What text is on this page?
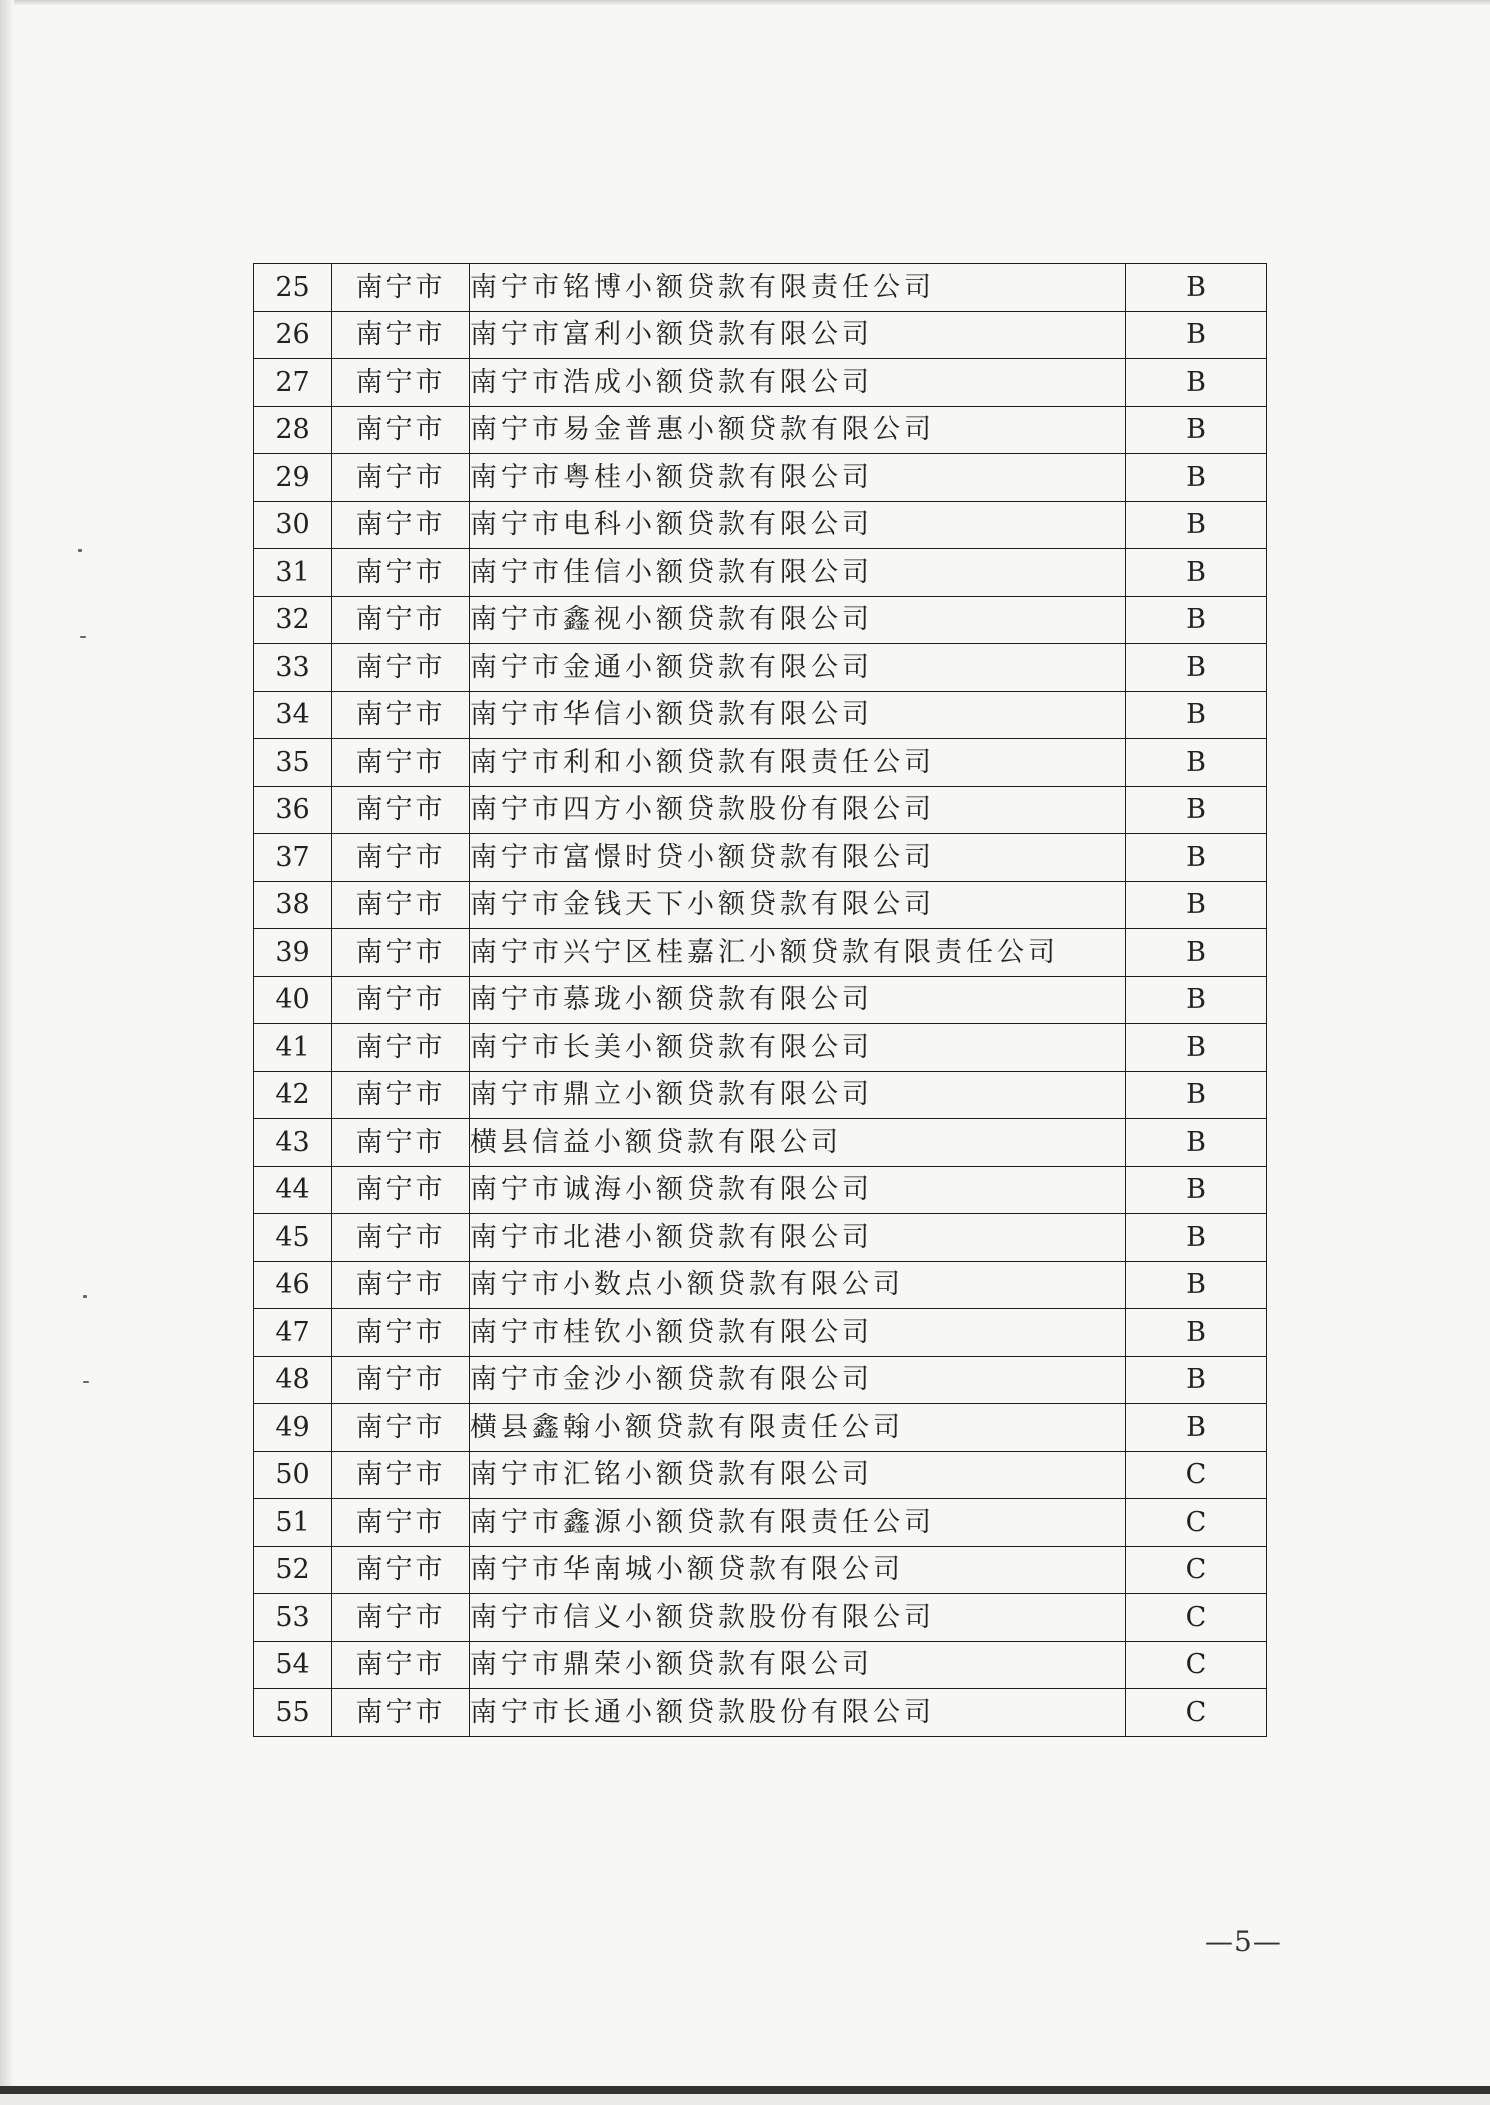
25	南宁市	南宁市铭博小额贷款有限责任公司	B
26	南宁市	南宁市富利小额贷款有限公司	B
27	南宁市	南宁市浩成小额贷款有限公司	B
28	南宁市	南宁市易金普惠小额贷款有限公司	B
29	南宁市	南宁市粤桂小额贷款有限公司	B
30	南宁市	南宁市电科小额贷款有限公司	B
31	南宁市	南宁市佳信小额贷款有限公司	B
32	南宁市	南宁市鑫视小额贷款有限公司	B
33	南宁市	南宁市金通小额贷款有限公司	B
34	南宁市	南宁市华信小额贷款有限公司	B
35	南宁市	南宁市利和小额贷款有限责任公司	B
36	南宁市	南宁市四方小额贷款股份有限公司	B
37	南宁市	南宁市富憬时贷小额贷款有限公司	B
38	南宁市	南宁市金钱天下小额贷款有限公司	B
39	南宁市	南宁市兴宁区桂嘉汇小额贷款有限责任公司	B
40	南宁市	南宁市慕珑小额贷款有限公司	B
41	南宁市	南宁市长美小额贷款有限公司	B
42	南宁市	南宁市鼎立小额贷款有限公司	B
43	南宁市	横县信益小额贷款有限公司	B
44	南宁市	南宁市诚海小额贷款有限公司	B
45	南宁市	南宁市北港小额贷款有限公司	B
46	南宁市	南宁市小数点小额贷款有限公司	B
47	南宁市	南宁市桂钦小额贷款有限公司	B
48	南宁市	南宁市金沙小额贷款有限公司	B
49	南宁市	横县鑫翰小额贷款有限责任公司	B
50	南宁市	南宁市汇铭小额贷款有限公司	C
51	南宁市	南宁市鑫源小额贷款有限责任公司	C
52	南宁市	南宁市华南城小额贷款有限公司	C
53	南宁市	南宁市信义小额贷款股份有限公司	C
54	南宁市	南宁市鼎荣小额贷款有限公司	C
55	南宁市	南宁市长通小额贷款股份有限公司	C
—5—
